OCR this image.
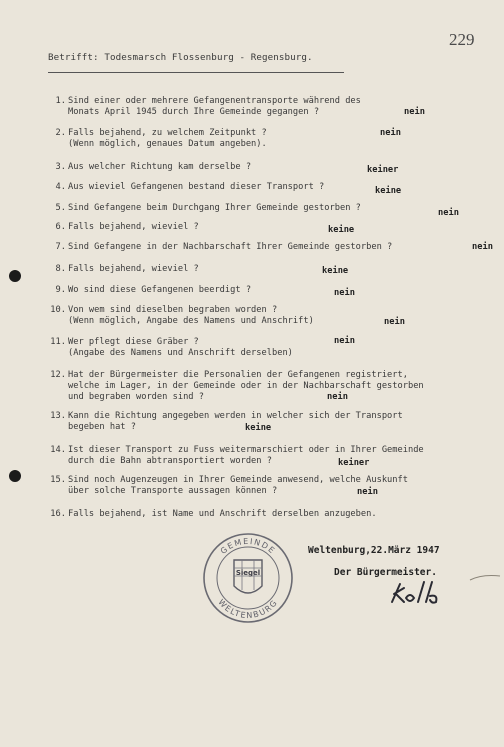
229
Betrifft: Todesmarsch Flossenburg - Regensburg.
1. Sind einer oder mehrere Gefangenentransporte während des
Monats April 1945 durch Ihre Gemeinde gegangen ?	nein
2. Falls bejahend, zu welchem Zeitpunkt ?
(Wenn möglich, genaues Datum angeben).
nein
3. Aus welcher Richtung kam derselbe ?	keiner
4. Aus wieviel Gefangenen bestand dieser Transport ?	keine
5. Sind Gefangene beim Durchgang Ihrer Gemeinde gestorben ?	nein
6. Falls bejahend, wieviel ?	keine
7. Sind Gefangene in der Nachbarschaft Ihrer Gemeinde gestorben ?	nein
8. Falls bejahend, wieviel ?	keine
9. Wo sind diese Gefangenen beerdigt ?	nein
10. Von wem sind dieselben begraben worden ?
(Wenn möglich, Angabe des Namens und Anschrift)	nein
11. Wer pflegt diese Gräber ?
(Angabe des Namens und Anschrift derselben)
nein
12. Hat der Bürgermeister die Personalien der Gefangenen registriert,
welche im Lager, in der Gemeinde oder in der Nachbarschaft gestorben
und begraben worden sind ?	nein
13. Kann die Richtung angegeben werden in welcher sich der Transport
begeben hat ?	keine
14. Ist dieser Transport zu Fuss weitermarschiert oder in Ihrer Gemeinde
durch die Bahn abtransportiert worden ?	keiner
15. Sind noch Augenzeugen in Ihrer Gemeinde anwesend, welche Auskunft
über solche Transporte aussagen können ?	nein
16. Falls bejahend, ist Name und Anschrift derselben anzugeben.
GEMEINDE
WELTENBURG
Siegel
Weltenburg,22.März 1947
Der Bürgermeister.
